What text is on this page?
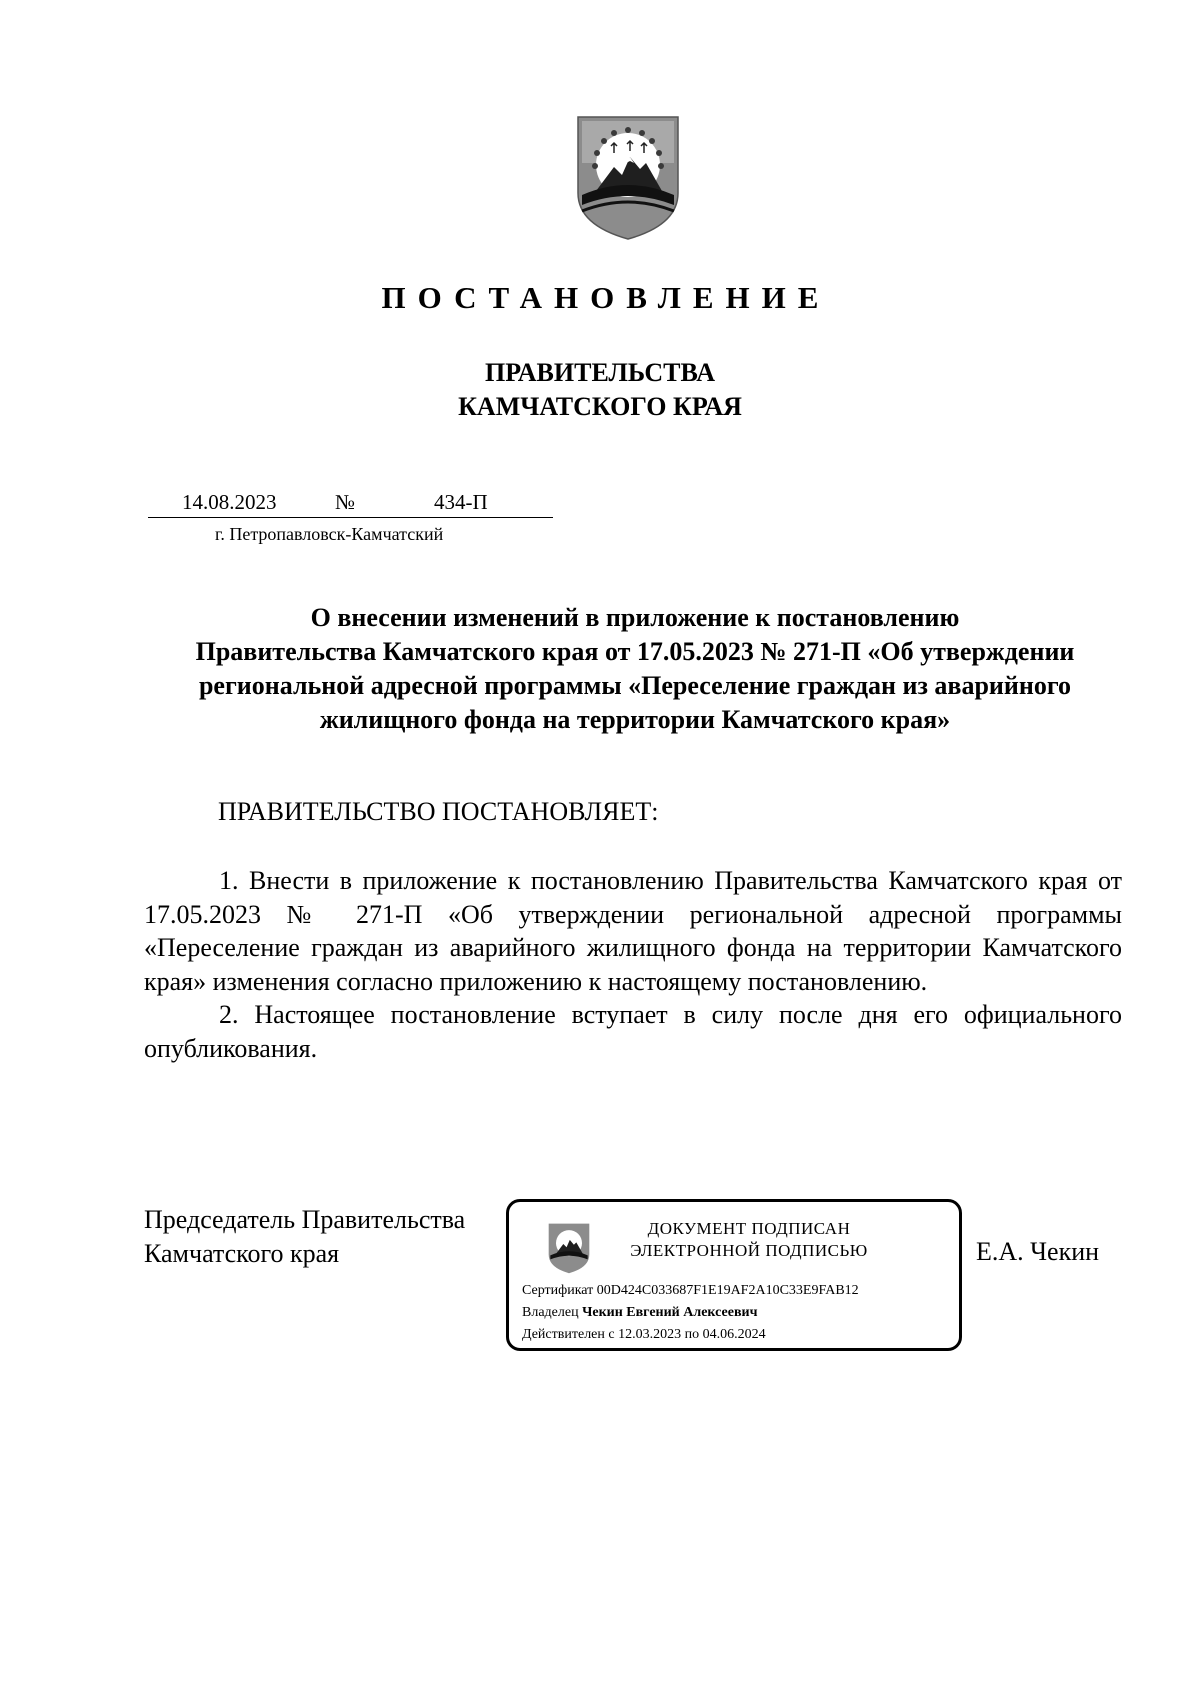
ПОСТАНОВЛЕНИЕ
ПРАВИТЕЛЬСТВА
КАМЧАТСКОГО КРАЯ
14.08.2023	№	434-П
г. Петропавловск-Камчатский
О внесении изменений в приложение к постановлению
Правительства Камчатского края от 17.05.2023 № 271-П «Об утверждении
региональной адресной программы «Переселение граждан из аварийного
жилищного фонда на территории Камчатского края»
ПРАВИТЕЛЬСТВО ПОСТАНОВЛЯЕТ:

1. Внести в приложение к постановлению Правительства Камчатского края от 17.05.2023 № 271-П «Об утверждении региональной адресной программы «Переселение граждан из аварийного жилищного фонда на территории Камчатского края» изменения согласно приложению к настоящему постановлению.

2. Настоящее постановление вступает в силу после дня его официального опубликования.

Председатель Правительства
Камчатского края
ДОКУМЕНТ ПОДПИСАН
ЭЛЕКТРОННОЙ ПОДПИСЬЮ
Сертификат 00D424C033687F1E19AF2A10C33E9FAB12
Владелец Чекин Евгений Алексеевич
Действителен с 12.03.2023 по 04.06.2024
Е.А. Чекин
